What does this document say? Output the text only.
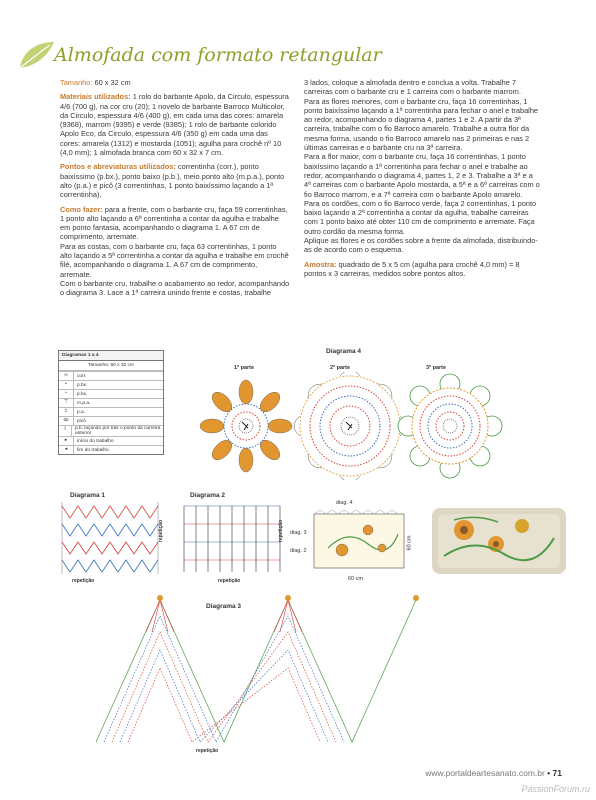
Almofada com formato retangular

Tamanho: 60 x 32 cm

Materiais utilizados: 1 rolo do barbante Apolo, da Circulo, espessura 4/6 (700 g), na cor cru (20); 1 novelo de barbante Barroco Multicolor, da Circulo, espessura 4/6 (400 g), em cada uma das cores: amarela (9368), marrom (9395) e verde (9385); 1 rolo de barbante colorido Apolo Eco, da Circulo, espessura 4/6 (350 g) em cada uma das cores: amarela (1312) e mostarda (1051); agulha para crochê nº 10 (4,0 mm); 1 almofada branca com 60 x 32 x 7 cm.

Pontos e abreviaturas utilizados: correntinha (corr.), ponto baixíssimo (p.bx.), ponto baixo (p.b.), meio ponto alto (m.p.a.), ponto alto (p.a.) e picô (3 correntinhas, 1 ponto baixíssimo laçando a 1ª correntinha).

Como fazer: para a frente, com o barbante cru, faça 59 correntinhas, 1 ponto alto laçando a 6ª correntinha a contar da agulha e trabalhe em ponto fantasia, acompanhando o diagrama 1. A 67 cm de comprimento, arremate.

Para as costas, com o barbante cru, faça 63 correntinhas, 1 ponto alto laçando a 5ª correntinha a contar da agulha e trabalhe em crochê filé, acompanhando o diagrama 1. A 67 cm de comprimento, arremate.

Com o barbante cru, trabalhe o acabamento ao redor, acompanhando o diagrama 3. Lace a 1ª carreira unindo frente e costas, trabalhe

3 lados, coloque a almofada dentro e conclua a volta. Trabalhe 7 carreiras com o barbante cru e 1 carreira com o barbante marrom.

Para as flores menores, com o barbante cru, faça 16 correntinhas, 1 ponto baixíssimo laçando a 1ª correntinha para fechar o anel e trabalhe ao redor, acompanhando o diagrama 4, partes 1 e 2. A partir da 3ª carreira, trabalhe com o fio Barroco amarelo. Trabalhe a outra flor da mesma forma, usando o fio Barroco amarelo nas 2 primeiras e nas 2 últimas carreiras e o barbante cru na 3ª carreira.

Para a flor maior, com o barbante cru, faça 16 correntinhas, 1 ponto baixíssimo laçando a 1ª correntinha para fechar o anel e trabalhe ao redor, acompanhando o diagrama 4, partes 1, 2 e 3. Trabalhe a 3ª e a 4ª carreiras com o barbante Apolo mostarda, a 5ª e a 6ª carreiras com o fio Barroco marrom, e a 7ª carreira com o barbante Apolo amarelo.

Para os cordões, com o fio Barroco verde, faça 2 correntinhas, 1 ponto baixo laçando a 2ª correntinha a contar da agulha, trabalhe carreiras com 1 ponto baixo até obter 110 cm de comprimento e arremate. Faça outro cordão da mesma forma.

Aplique as flores e os cordões sobre a frente da almofada, distribuindo-as de acordo com o esquema.

Amostra: quadrado de 5 x 5 cm (agulha para crochê 4,0 mm) = 8 pontos x 3 carreiras, medidos sobre pontos altos.

Diagramas 1 a 4
Tamanho: 60 x 32 cm
∞	corr.
•	p.bx.
+	p.bx.
⊤	m.p.a.
‡	p.a.
ꝏ	picô
⌇	p.b. laçando por trás o ponto da carreira anterior
▸	início do trabalho
◂	fim do trabalho
Diagrama 4
1ª parte	2ª parte	3ª parte
Diagrama 1
repetição
repetição
Diagrama 2
repetição
repetição
diag. 4
diag. 3
diag. 2
60 cm
60 cm
Diagrama 3
repetição
www.portaldeartesanato.com.br • 71
PassionForum.ru
